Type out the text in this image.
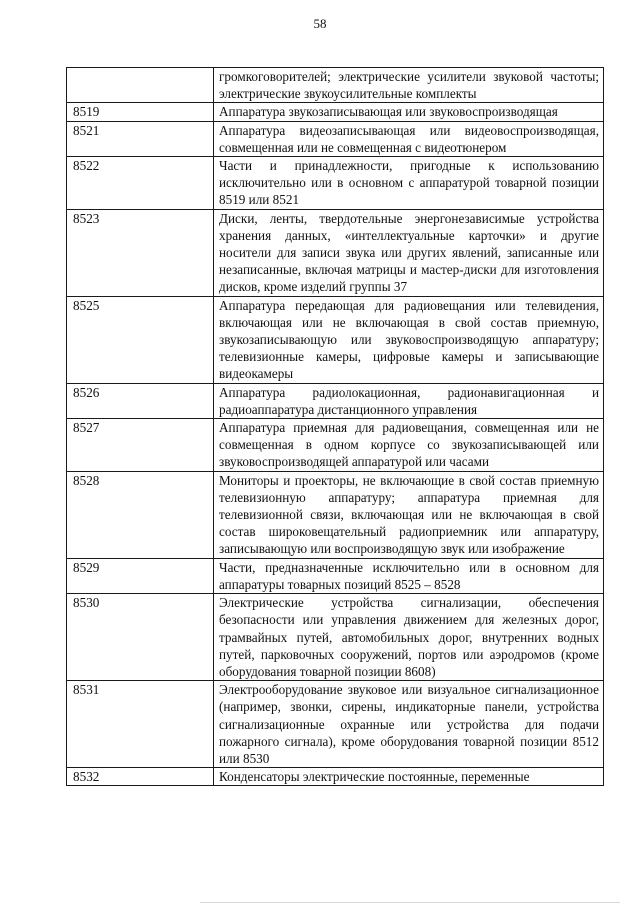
58
	громкоговорителей; электрические усилители звуковой частоты; электрические звукоусилительные комплекты
8519	Аппаратура звукозаписывающая или звуковоспроизводящая
8521	Аппаратура видеозаписывающая или видеовоспроизводящая, совмещенная или не совмещенная с видеотюнером
8522	Части и принадлежности, пригодные к использованию исключительно или в основном с аппаратурой товарной позиции 8519 или 8521
8523	Диски, ленты, твердотельные энергонезависимые устройства хранения данных, «интеллектуальные карточки» и другие носители для записи звука или других явлений, записанные или незаписанные, включая матрицы и мастер-диски для изготовления дисков, кроме изделий группы 37
8525	Аппаратура передающая для радиовещания или телевидения, включающая или не включающая в свой состав приемную, звукозаписывающую или звуковоспроизводящую аппаратуру; телевизионные камеры, цифровые камеры и записывающие видеокамеры
8526	Аппаратура радиолокационная, радионавигационная и радиоаппаратура дистанционного управления
8527	Аппаратура приемная для радиовещания, совмещенная или не совмещенная в одном корпусе со звукозаписывающей или звуковоспроизводящей аппаратурой или часами
8528	Мониторы и проекторы, не включающие в свой состав приемную телевизионную аппаратуру; аппаратура приемная для телевизионной связи, включающая или не включающая в свой состав широковещательный радиоприемник или аппаратуру, записывающую или воспроизводящую звук или изображение
8529	Части, предназначенные исключительно или в основном для аппаратуры товарных позиций 8525 – 8528
8530	Электрические устройства сигнализации, обеспечения безопасности или управления движением для железных дорог, трамвайных путей, автомобильных дорог, внутренних водных путей, парковочных сооружений, портов или аэродромов (кроме оборудования товарной позиции 8608)
8531	Электрооборудование звуковое или визуальное сигнализационное (например, звонки, сирены, индикаторные панели, устройства сигнализационные охранные или устройства для подачи пожарного сигнала), кроме оборудования товарной позиции 8512 или 8530
8532	Конденсаторы электрические постоянные, переменные
